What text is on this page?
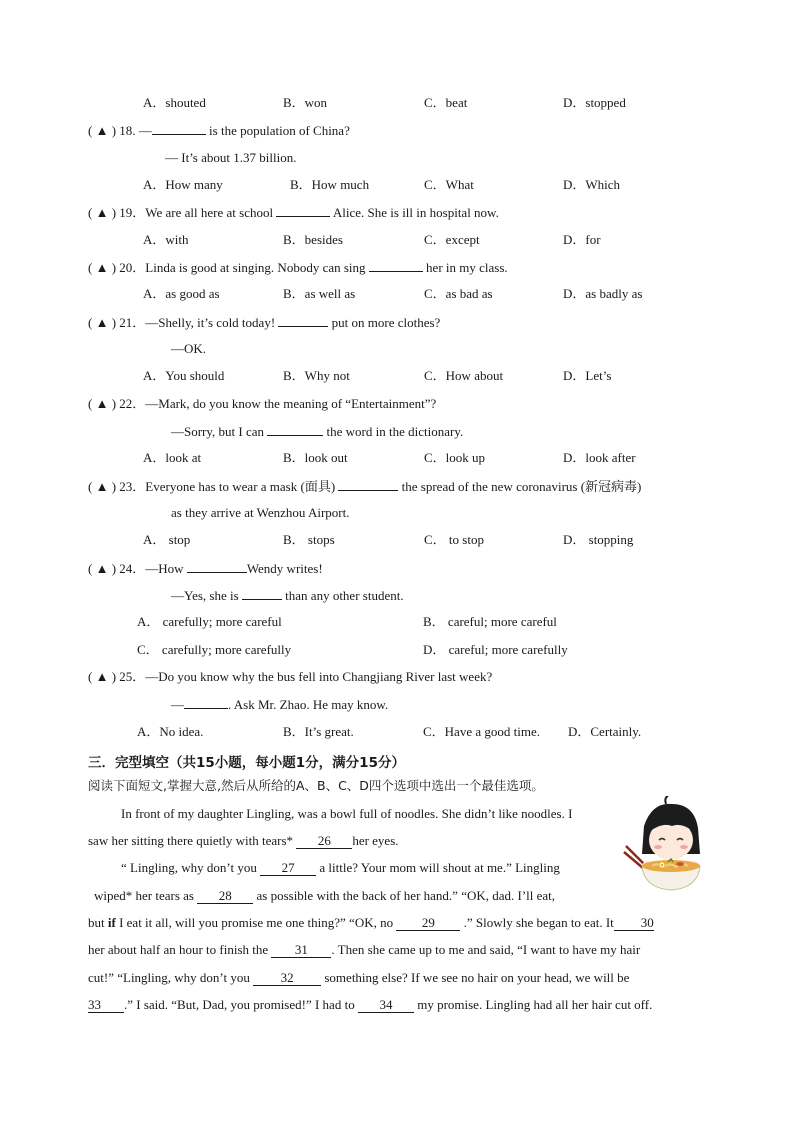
A．shouted	B．won	C．beat	D．stopped
( ▲ ) 18. —	is the population of China?
— It’s about 1.37 billion.
A．How many	B．How much	C．What	D．Which
( ▲ ) 19．We are all here at school	Alice. She is ill in hospital now.
A．with	B．besides	C．except	D．for
( ▲ ) 20．Linda is good at singing. Nobody can sing	her in my class.
A．as good as	B．as well as	C．as bad as	D．as badly as
( ▲ ) 21．—Shelly, it’s cold today!	put on more clothes?
—OK.
A．You should	B．Why not	C．How about	D．Let’s
( ▲ ) 22．—Mark, do you know the meaning of “Entertainment”?
—Sorry, but I can	the word in the dictionary.
A．look at	B．look out	C．look up	D．look after
( ▲ ) 23．Everyone has to wear a mask (面具)	the spread of the new coronavirus (新冠病毒)
as they arrive at Wenzhou Airport.
A． stop	B． stops	C． to stop	D． stopping
( ▲ ) 24．—How	Wendy writes!
—Yes, she is	than any other student.
A． carefully; more careful	B． careful; more careful
C． carefully; more carefully	D． careful; more carefully
( ▲ ) 25．—Do you know why the bus fell into Changjiang River last week?
—	. Ask Mr. Zhao. He may know.
A．No idea.	B．It’s great.	C．Have a good time. D．Certainly.
三．完型填空（共15小题，每小题1分，满分15分）
阅读下面短文,掌握大意,然后从所给的A、B、C、D四个选项中选出一个最佳选项。
In front of my daughter Lingling, was a bowl full of noodles. She didn’t like noodles. I
saw her sitting there quietly with tears* 26 her eyes.
“ Lingling, why don’t you 27 a little? Your mom will shout at me.” Lingling
wiped* her tears as 28 as possible with the back of her hand.” “OK, dad. I’ll eat,
but if I eat it all, will you promise me one thing?” “OK, no 29 .” Slowly she began to eat. It 30
her about half an hour to finish the 31 . Then she came up to me and said, “I want to have my hair
cut!” “Lingling, why don’t you 32 something else? If we see no hair on your head, we will be
33 .” I said. “But, Dad, you promised!” I had to 34 my promise. Lingling had all her hair cut off.
